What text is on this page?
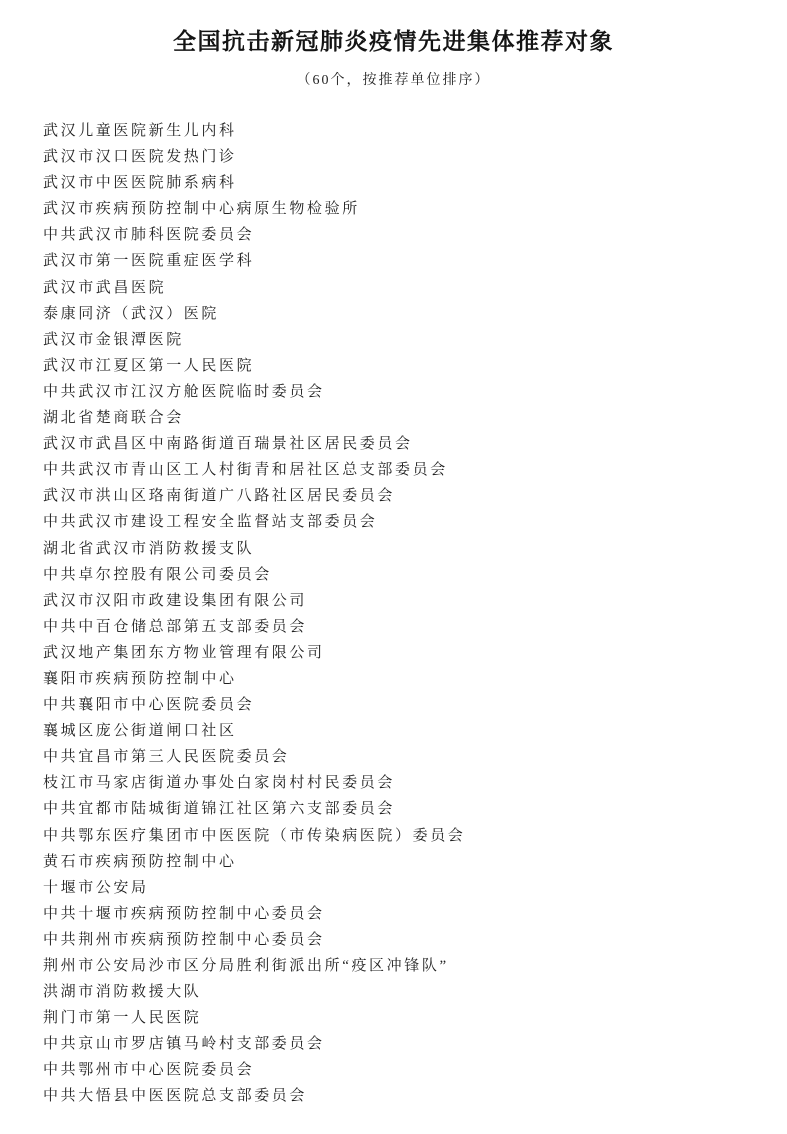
全国抗击新冠肺炎疫情先进集体推荐对象
（60个，按推荐单位排序）
武汉儿童医院新生儿内科
武汉市汉口医院发热门诊
武汉市中医医院肺系病科
武汉市疾病预防控制中心病原生物检验所
中共武汉市肺科医院委员会
武汉市第一医院重症医学科
武汉市武昌医院
泰康同济（武汉）医院
武汉市金银潭医院
武汉市江夏区第一人民医院
中共武汉市江汉方舱医院临时委员会
湖北省楚商联合会
武汉市武昌区中南路街道百瑞景社区居民委员会
中共武汉市青山区工人村街青和居社区总支部委员会
武汉市洪山区珞南街道广八路社区居民委员会
中共武汉市建设工程安全监督站支部委员会
湖北省武汉市消防救援支队
中共卓尔控股有限公司委员会
武汉市汉阳市政建设集团有限公司
中共中百仓储总部第五支部委员会
武汉地产集团东方物业管理有限公司
襄阳市疾病预防控制中心
中共襄阳市中心医院委员会
襄城区庞公街道闸口社区
中共宜昌市第三人民医院委员会
枝江市马家店街道办事处白家岗村村民委员会
中共宜都市陆城街道锦江社区第六支部委员会
中共鄂东医疗集团市中医医院（市传染病医院）委员会
黄石市疾病预防控制中心
十堰市公安局
中共十堰市疾病预防控制中心委员会
中共荆州市疾病预防控制中心委员会
荆州市公安局沙市区分局胜利街派出所“疫区冲锋队”
洪湖市消防救援大队
荆门市第一人民医院
中共京山市罗店镇马岭村支部委员会
中共鄂州市中心医院委员会
中共大悟县中医医院总支部委员会
